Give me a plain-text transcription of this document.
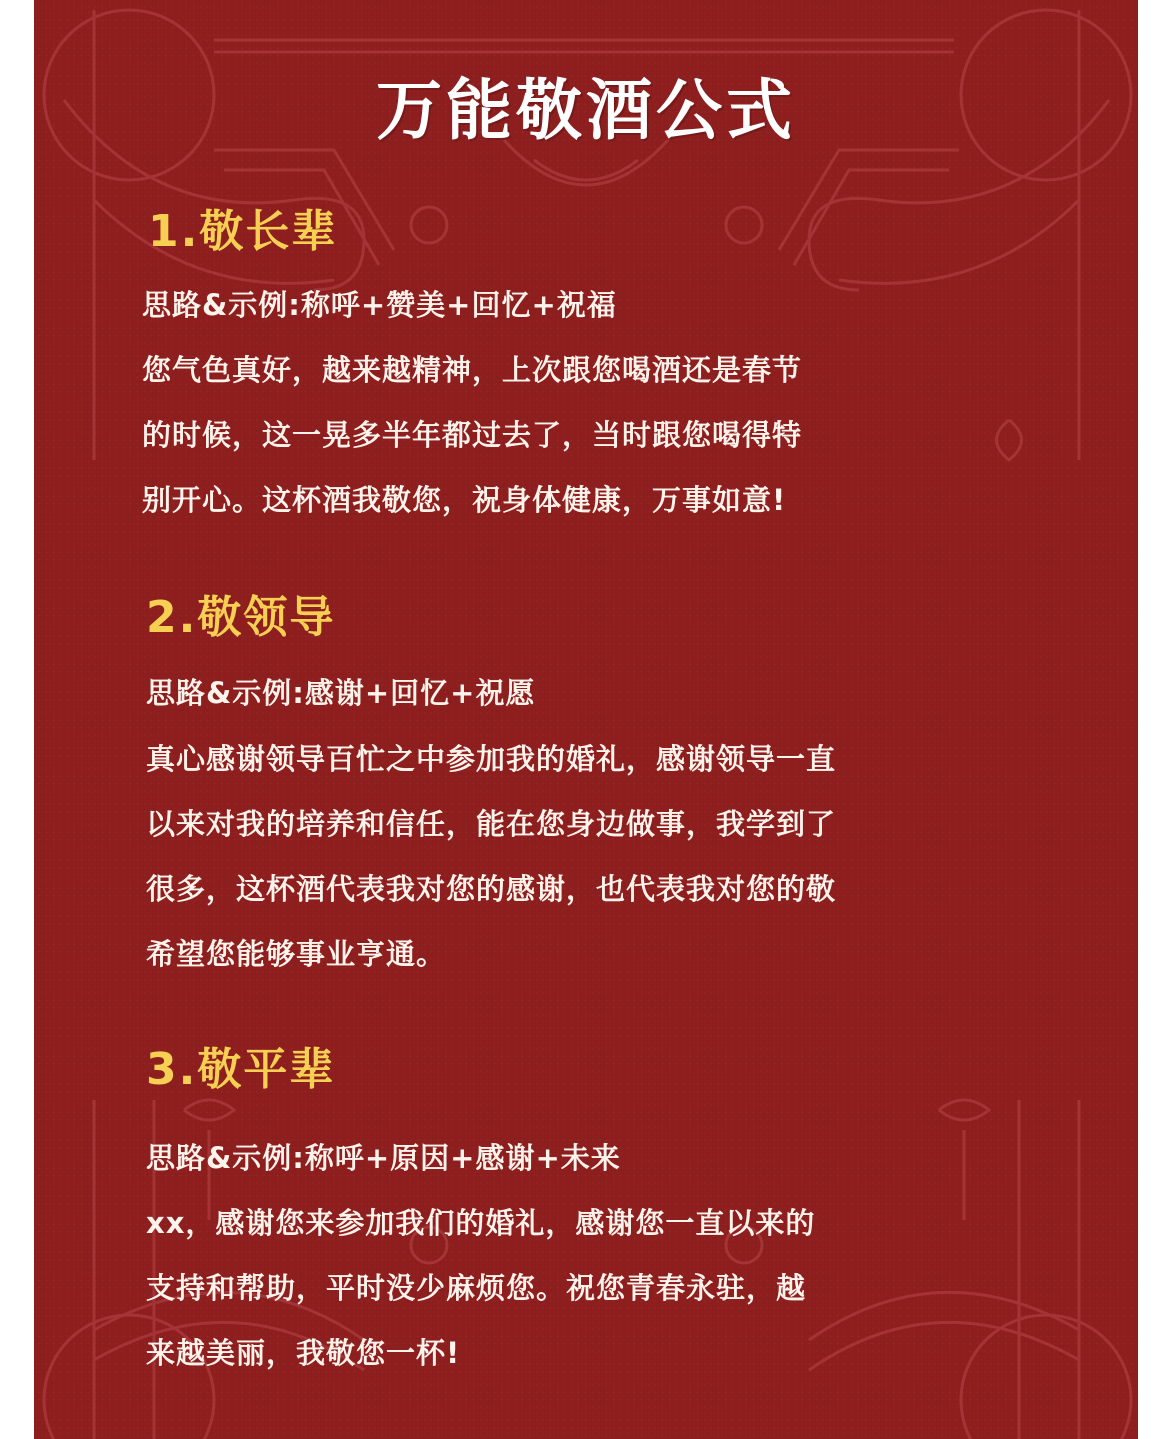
万能敬酒公式
1.敬长辈
思路&示例:称呼+赞美+回忆+祝福
您气色真好，越来越精神，上次跟您喝酒还是春节
的时候，这一晃多半年都过去了，当时跟您喝得特
别开心。这杯酒我敬您，祝身体健康，万事如意!
2.敬领导
思路&示例:感谢+回忆+祝愿
真心感谢领导百忙之中参加我的婚礼，感谢领导一直
以来对我的培养和信任，能在您身边做事，我学到了
很多，这杯酒代表我对您的感谢，也代表我对您的敬
希望您能够事业亨通。
3.敬平辈
思路&示例:称呼+原因+感谢+未来
xx，感谢您来参加我们的婚礼，感谢您一直以来的
支持和帮助，平时没少麻烦您。祝您青春永驻，越
来越美丽，我敬您一杯!
